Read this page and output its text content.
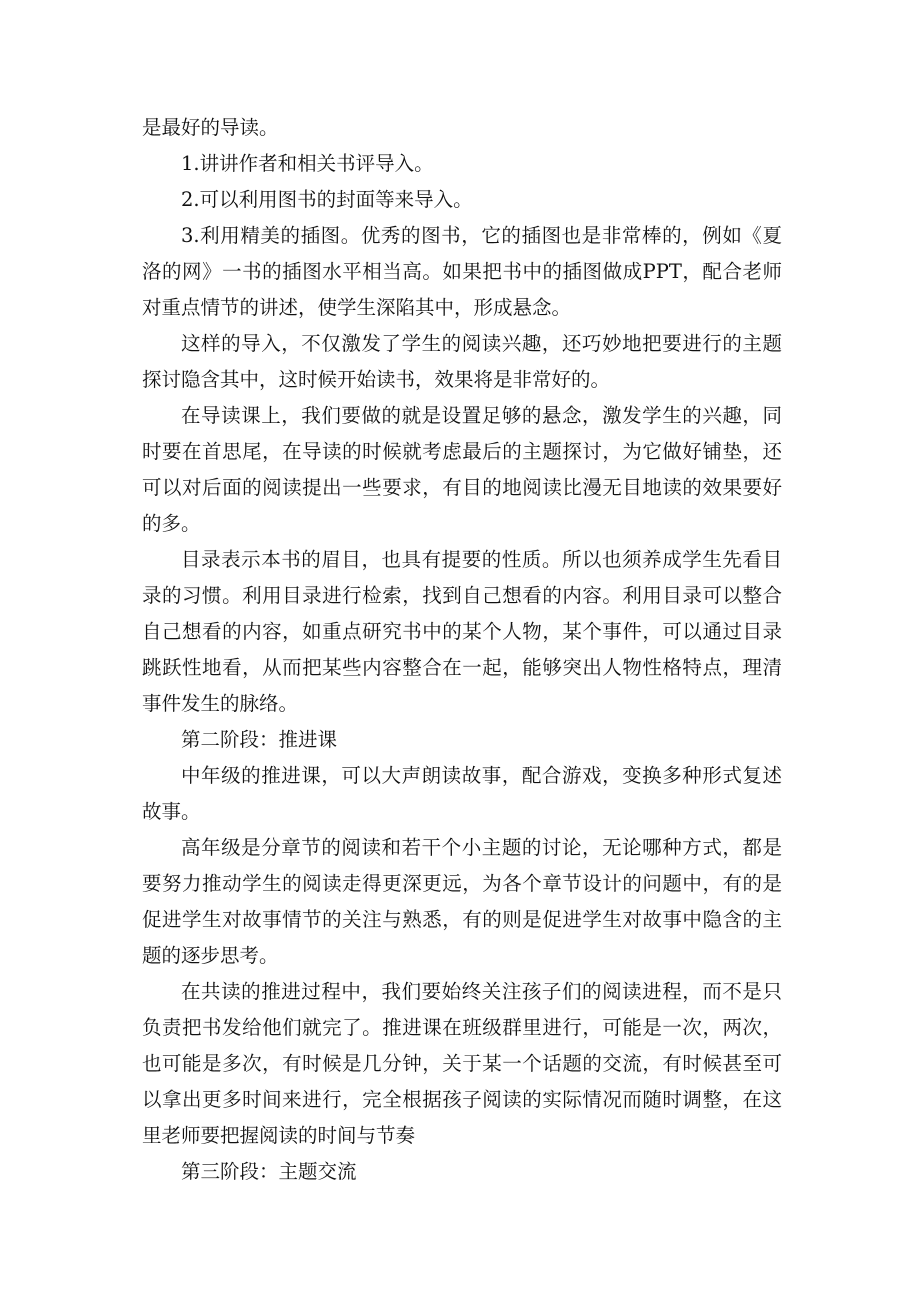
是最好的导读。

1.讲讲作者和相关书评导入。

2.可以利用图书的封面等来导入。

3.利用精美的插图。优秀的图书，它的插图也是非常棒的，例如《夏洛的网》一书的插图水平相当高。如果把书中的插图做成PPT，配合老师对重点情节的讲述，使学生深陷其中，形成悬念。

这样的导入，不仅激发了学生的阅读兴趣，还巧妙地把要进行的主题探讨隐含其中，这时候开始读书，效果将是非常好的。

在导读课上，我们要做的就是设置足够的悬念，激发学生的兴趣，同时要在首思尾，在导读的时候就考虑最后的主题探讨，为它做好铺垫，还可以对后面的阅读提出一些要求，有目的地阅读比漫无目地读的效果要好的多。

目录表示本书的眉目，也具有提要的性质。所以也须养成学生先看目录的习惯。利用目录进行检索，找到自己想看的内容。利用目录可以整合自己想看的内容，如重点研究书中的某个人物，某个事件，可以通过目录跳跃性地看，从而把某些内容整合在一起，能够突出人物性格特点，理清事件发生的脉络。

第二阶段：推进课

中年级的推进课，可以大声朗读故事，配合游戏，变换多种形式复述故事。

高年级是分章节的阅读和若干个小主题的讨论，无论哪种方式，都是要努力推动学生的阅读走得更深更远，为各个章节设计的问题中，有的是促进学生对故事情节的关注与熟悉，有的则是促进学生对故事中隐含的主题的逐步思考。

在共读的推进过程中，我们要始终关注孩子们的阅读进程，而不是只负责把书发给他们就完了。推进课在班级群里进行，可能是一次，两次，也可能是多次，有时候是几分钟，关于某一个话题的交流，有时候甚至可以拿出更多时间来进行，完全根据孩子阅读的实际情况而随时调整，在这里老师要把握阅读的时间与节奏

第三阶段：主题交流
